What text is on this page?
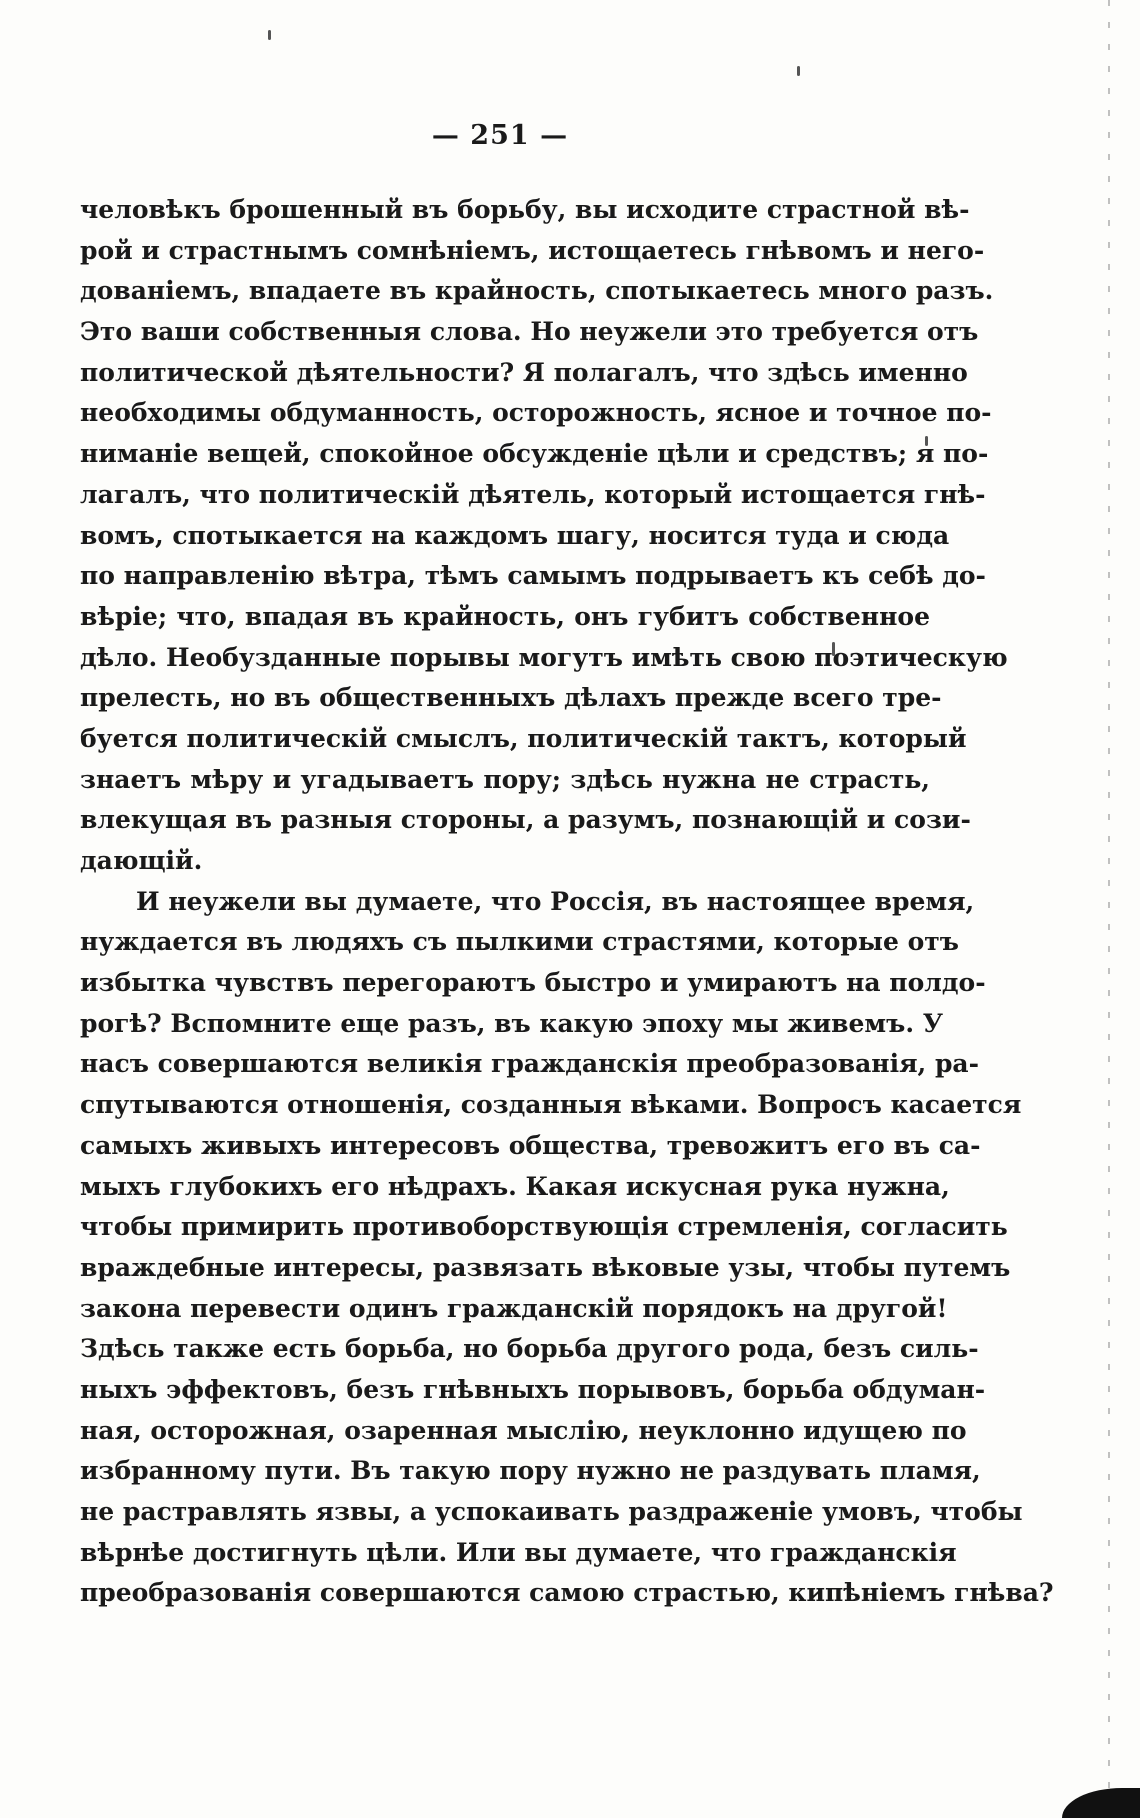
— 251 —
человѣкъ брошенный въ борьбу, вы исходите страстной вѣ-
рой и страстнымъ сомнѣніемъ, истощаетесь гнѣвомъ и него-
дованіемъ, впадаете въ крайность, спотыкаетесь много разъ.
Это ваши собственныя слова. Но неужели это требуется отъ
политической дѣятельности? Я полагалъ, что здѣсь именно
необходимы обдуманность, осторожность, ясное и точное по-
ниманіе вещей, спокойное обсужденіе цѣли и средствъ; я по-
лагалъ, что политическій дѣятель, который истощается гнѣ-
вомъ, спотыкается на каждомъ шагу, носится туда и сюда
по направленію вѣтра, тѣмъ самымъ подрываетъ къ себѣ до-
вѣріе; что, впадая въ крайность, онъ губитъ собственное
дѣло. Необузданные порывы могутъ имѣть свою поэтическую
прелесть, но въ общественныхъ дѣлахъ прежде всего тре-
буется политическій смыслъ, политическій тактъ, который
знаетъ мѣру и угадываетъ пору; здѣсь нужна не страсть,
влекущая въ разныя стороны, а разумъ, познающій и сози-
дающій.
И неужели вы думаете, что Россія, въ настоящее время,
нуждается въ людяхъ съ пылкими страстями, которые отъ
избытка чувствъ перегораютъ быстро и умираютъ на полдо-
рогѣ? Вспомните еще разъ, въ какую эпоху мы живемъ. У
насъ совершаются великія гражданскія преобразованія, ра-
спутываются отношенія, созданныя вѣками. Вопросъ касается
самыхъ живыхъ интересовъ общества, тревожитъ его въ са-
мыхъ глубокихъ его нѣдрахъ. Какая искусная рука нужна,
чтобы примирить противоборствующія стремленія, согласить
враждебные интересы, развязать вѣковые узы, чтобы путемъ
закона перевести одинъ гражданскій порядокъ на другой!
Здѣсь также есть борьба, но борьба другого рода, безъ силь-
ныхъ эффектовъ, безъ гнѣвныхъ порывовъ, борьба обдуман-
ная, осторожная, озаренная мыслію, неуклонно идущею по
избранному пути. Въ такую пору нужно не раздувать пламя,
не растравлять язвы, а успокаивать раздраженіе умовъ, чтобы
вѣрнѣе достигнуть цѣли. Или вы думаете, что гражданскія
преобразованія совершаются самою страстью, кипѣніемъ гнѣва?
